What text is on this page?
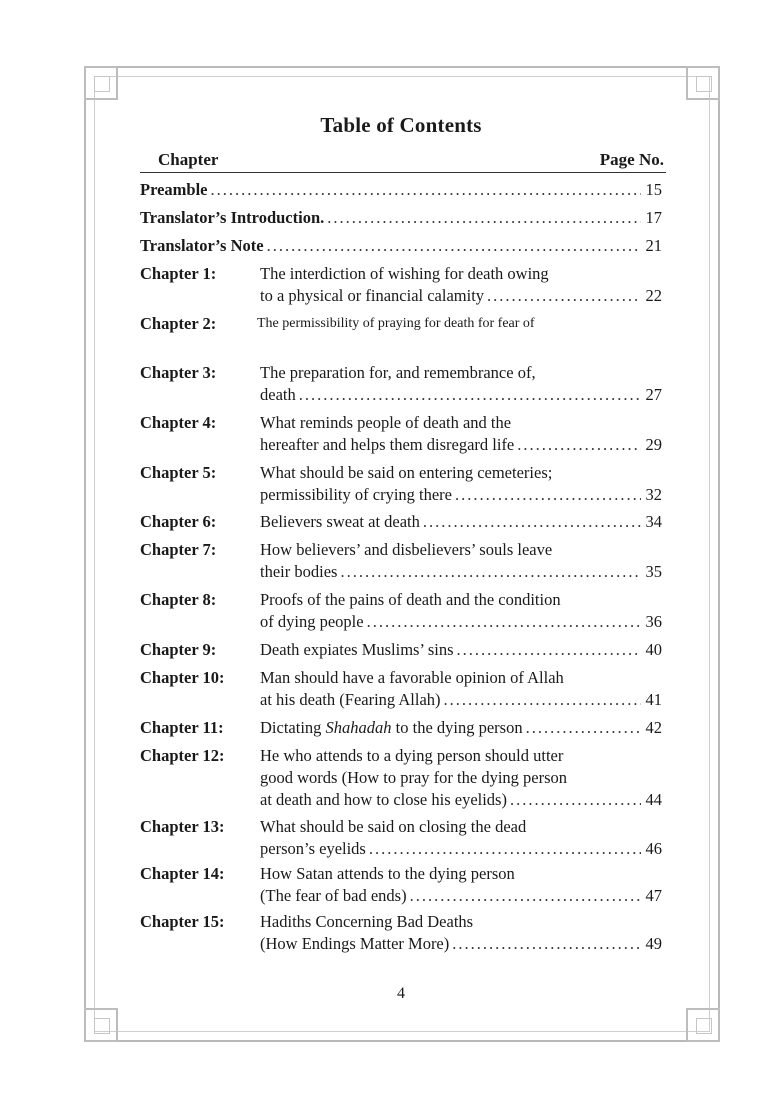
Table of Contents
Chapter	Page No.
Preamble .....	15
Translator’s Introduction. .....	17
Translator’s Note .....	21
Chapter 1:	The interdiction of wishing for death owing
to a physical or financial calamity .....	22
Chapter 2:	The permissibility of praying for death for fear of
Chapter 3:	The preparation for, and remembrance of,
death .....	27
Chapter 4:	What reminds people of death and the
hereafter and helps them disregard life .....	29
Chapter 5:	What should be said on entering cemeteries;
permissibility of crying there .....	32
Chapter 6:	Believers sweat at death .....	34
Chapter 7:	How believers’ and disbelievers’ souls leave
their bodies .....	35
Chapter 8:	Proofs of the pains of death and the condition
of dying people .....	36
Chapter 9:	Death expiates Muslims’ sins .....	40
Chapter 10: Man should have a favorable opinion of Allah
at his death (Fearing Allah) .....	41
Chapter 11: Dictating Shahadah to the dying person .....	42
Chapter 12: He who attends to a dying person should utter
good words (How to pray for the dying person
at death and how to close his eyelids) .....	44
Chapter 13: What should be said on closing the dead
person’s eyelids .....	46
Chapter 14: How Satan attends to the dying person
(The fear of bad ends) .....	47
Chapter 15: Hadiths Concerning Bad Deaths
(How Endings Matter More) .....	49
4
